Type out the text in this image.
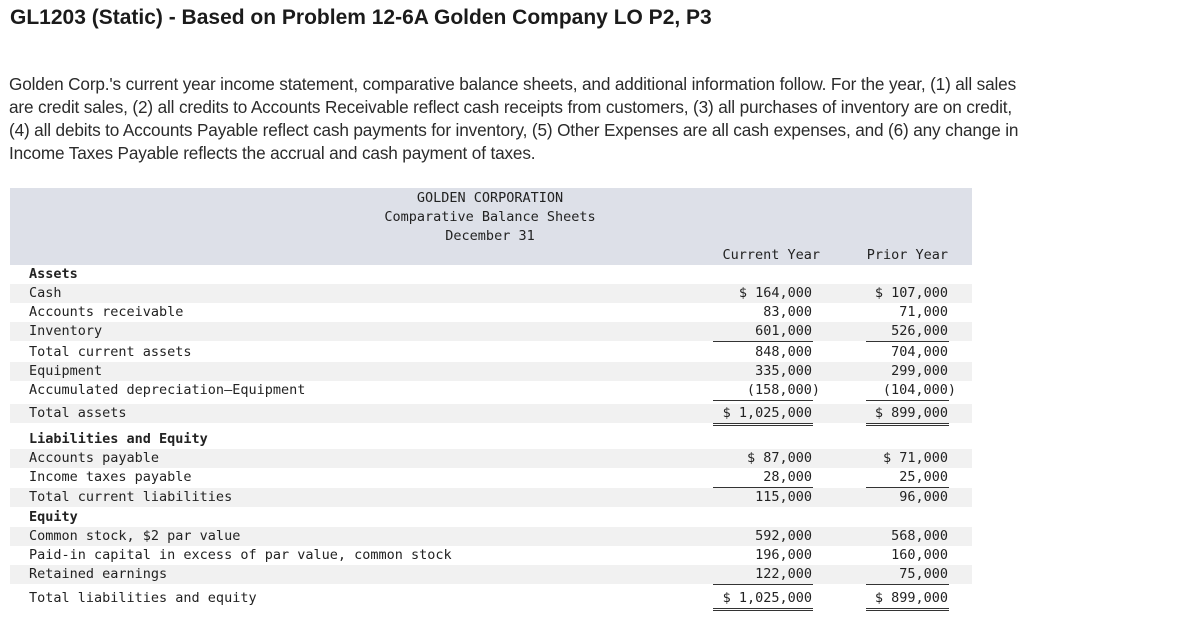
GL1203 (Static) - Based on Problem 12-6A Golden Company LO P2, P3

Golden Corp.'s current year income statement, comparative balance sheets, and additional information follow. For the year, (1) all sales

are credit sales, (2) all credits to Accounts Receivable reflect cash receipts from customers, (3) all purchases of inventory are on credit,

(4) all debits to Accounts Payable reflect cash payments for inventory, (5) Other Expenses are all cash expenses, and (6) any change in

Income Taxes Payable reflects the accrual and cash payment of taxes.

GOLDEN CORPORATION
Comparative Balance Sheets
December 31
Current Year	Prior Year
Assets
Cash	$ 164,000	$ 107,000
Accounts receivable	83,000	71,000
Inventory	601,000	526,000
Total current assets	848,000	704,000
Equipment	335,000	299,000
Accumulated depreciation—Equipment	(158,000)	(104,000)
Total assets	$ 1,025,000	$ 899,000
Liabilities and Equity
Accounts payable	$ 87,000	$ 71,000
Income taxes payable	28,000	25,000
Total current liabilities	115,000	96,000
Equity
Common stock, $2 par value	592,000	568,000
Paid-in capital in excess of par value, common stock	196,000	160,000
Retained earnings	122,000	75,000
Total liabilities and equity	$ 1,025,000	$ 899,000
